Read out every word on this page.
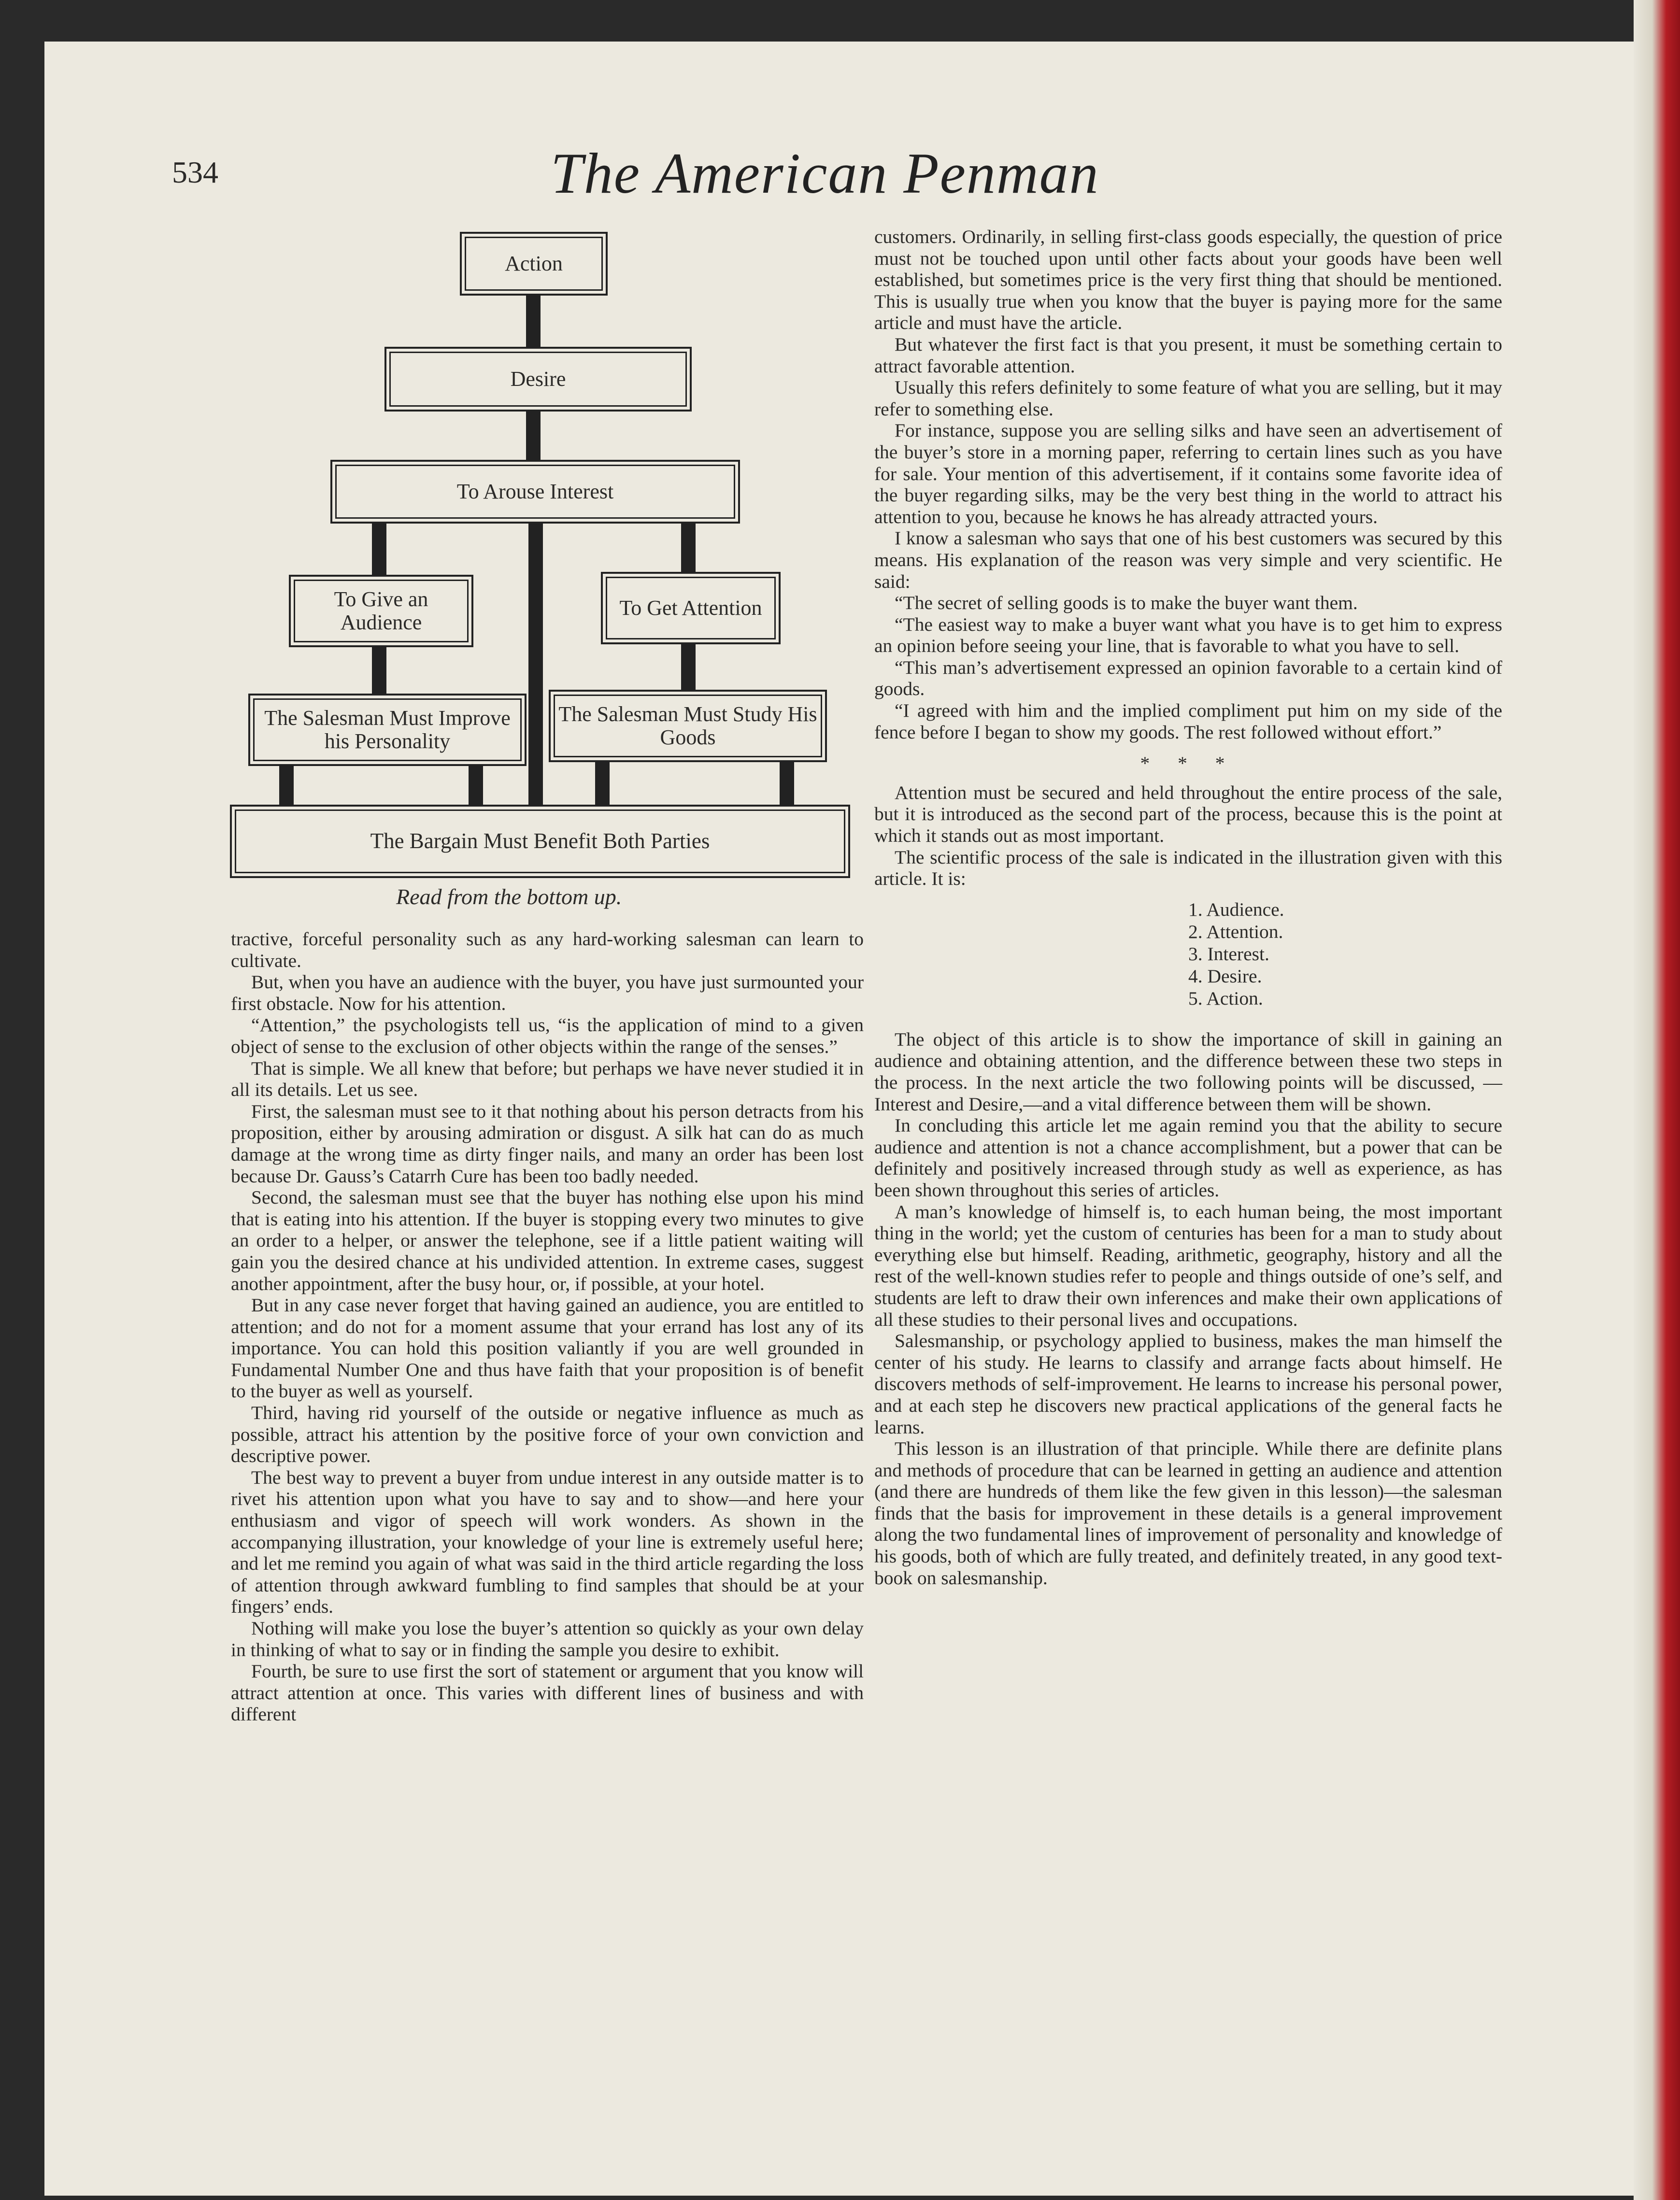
534	The American Penman
Action
Desire
To Arouse Interest
To Give an Audience
To Get Attention
The Salesman Must Improve his Personality
The Salesman Must Study His Goods
The Bargain Must Benefit Both Parties
Read from the bottom up.

tractive, forceful personality such as any hard-working salesman can learn to cultivate.

But, when you have an audience with the buyer, you have just surmounted your first obstacle. Now for his attention.

“Attention,” the psychologists tell us, “is the application of mind to a given object of sense to the exclusion of other objects within the range of the senses.”

That is simple. We all knew that before; but perhaps we have never studied it in all its details. Let us see.

First, the salesman must see to it that nothing about his person detracts from his proposition, either by arousing admiration or disgust. A silk hat can do as much damage at the wrong time as dirty finger nails, and many an order has been lost because Dr. Gauss’s Catarrh Cure has been too badly needed.

Second, the salesman must see that the buyer has nothing else upon his mind that is eating into his attention. If the buyer is stopping every two minutes to give an order to a helper, or answer the telephone, see if a little patient waiting will gain you the desired chance at his undivided attention. In extreme cases, suggest another appointment, after the busy hour, or, if possible, at your hotel.

But in any case never forget that having gained an audience, you are entitled to attention; and do not for a moment assume that your errand has lost any of its importance. You can hold this position valiantly if you are well grounded in Fundamental Number One and thus have faith that your proposition is of benefit to the buyer as well as yourself.

Third, having rid yourself of the outside or negative influence as much as possible, attract his attention by the positive force of your own conviction and descriptive power.

The best way to prevent a buyer from undue interest in any outside matter is to rivet his attention upon what you have to say and to show—and here your enthusiasm and vigor of speech will work wonders. As shown in the accompanying illustration, your knowledge of your line is extremely useful here; and let me remind you again of what was said in the third article regarding the loss of attention through awkward fumbling to find samples that should be at your fingers’ ends.

Nothing will make you lose the buyer’s attention so quickly as your own delay in thinking of what to say or in finding the sample you desire to exhibit.

Fourth, be sure to use first the sort of statement or argument that you know will attract attention at once. This varies with different lines of business and with different

customers. Ordinarily, in selling first-class goods especially, the question of price must not be touched upon until other facts about your goods have been well established, but sometimes price is the very first thing that should be mentioned. This is usually true when you know that the buyer is paying more for the same article and must have the article.

But whatever the first fact is that you present, it must be something certain to attract favorable attention.

Usually this refers definitely to some feature of what you are selling, but it may refer to something else.

For instance, suppose you are selling silks and have seen an advertisement of the buyer’s store in a morning paper, referring to certain lines such as you have for sale. Your mention of this advertisement, if it contains some favorite idea of the buyer regarding silks, may be the very best thing in the world to attract his attention to you, because he knows he has already attracted yours.

I know a salesman who says that one of his best customers was secured by this means. His explanation of the reason was very simple and very scientific. He said:

“The secret of selling goods is to make the buyer want them.

“The easiest way to make a buyer want what you have is to get him to express an opinion before seeing your line, that is favorable to what you have to sell.

“This man’s advertisement expressed an opinion favorable to a certain kind of goods.

“I agreed with him and the implied compliment put him on my side of the fence before I began to show my goods. The rest followed without effort.”

* * *

Attention must be secured and held throughout the entire process of the sale, but it is introduced as the second part of the process, because this is the point at which it stands out as most important.

The scientific process of the sale is indicated in the illustration given with this article. It is:

1. Audience.
2. Attention.
3. Interest.
4. Desire.
5. Action.

The object of this article is to show the importance of skill in gaining an audience and obtaining attention, and the difference between these two steps in the process. In the next article the two following points will be discussed, —Interest and Desire,—and a vital difference between them will be shown.

In concluding this article let me again remind you that the ability to secure audience and attention is not a chance accomplishment, but a power that can be definitely and positively increased through study as well as experience, as has been shown throughout this series of articles.

A man’s knowledge of himself is, to each human being, the most important thing in the world; yet the custom of centuries has been for a man to study about everything else but himself. Reading, arithmetic, geography, history and all the rest of the well-known studies refer to people and things outside of one’s self, and students are left to draw their own inferences and make their own applications of all these studies to their personal lives and occupations.

Salesmanship, or psychology applied to business, makes the man himself the center of his study. He learns to classify and arrange facts about himself. He discovers methods of self-improvement. He learns to increase his personal power, and at each step he discovers new practical applications of the general facts he learns.

This lesson is an illustration of that principle. While there are definite plans and methods of procedure that can be learned in getting an audience and attention (and there are hundreds of them like the few given in this lesson)—the salesman finds that the basis for improvement in these details is a general improvement along the two fundamental lines of improvement of personality and knowledge of his goods, both of which are fully treated, and definitely treated, in any good text-book on salesmanship.
